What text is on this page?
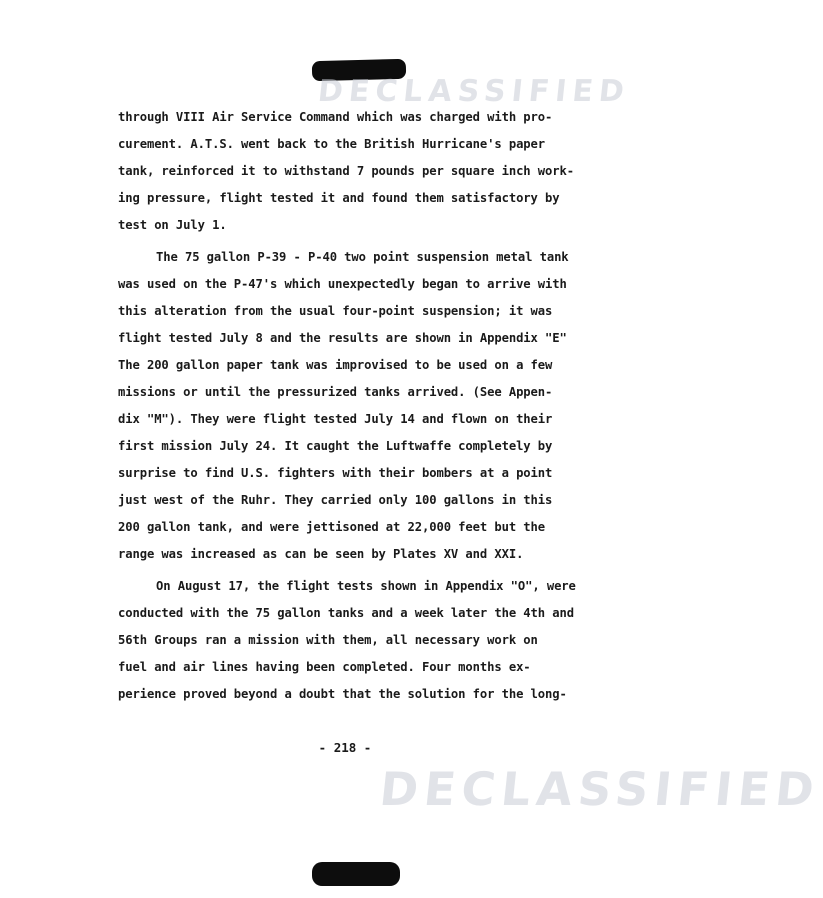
DECLASSIFIED
through VIII Air Service Command which was charged with pro-
curement. A.T.S. went back to the British Hurricane's paper
tank, reinforced it to withstand 7 pounds per square inch work-
ing pressure, flight tested it and found them satisfactory by
test on July 1.
The 75 gallon P-39 - P-40 two point suspension metal tank
was used on the P-47's which unexpectedly began to arrive with
this alteration from the usual four-point suspension; it was
flight tested July 8 and the results are shown in Appendix "E"
The 200 gallon paper tank was improvised to be used on a few
missions or until the pressurized tanks arrived. (See Appen-
dix "M"). They were flight tested July 14 and flown on their
first mission July 24. It caught the Luftwaffe completely by
surprise to find U.S. fighters with their bombers at a point
just west of the Ruhr. They carried only 100 gallons in this
200 gallon tank, and were jettisoned at 22,000 feet but the
range was increased as can be seen by Plates XV and XXI.
On August 17, the flight tests shown in Appendix "O", were
conducted with the 75 gallon tanks and a week later the 4th and
56th Groups ran a mission with them, all necessary work on
fuel and air lines having been completed. Four months ex-
perience proved beyond a doubt that the solution for the long-
- 218 -
DECLASSIFIED
